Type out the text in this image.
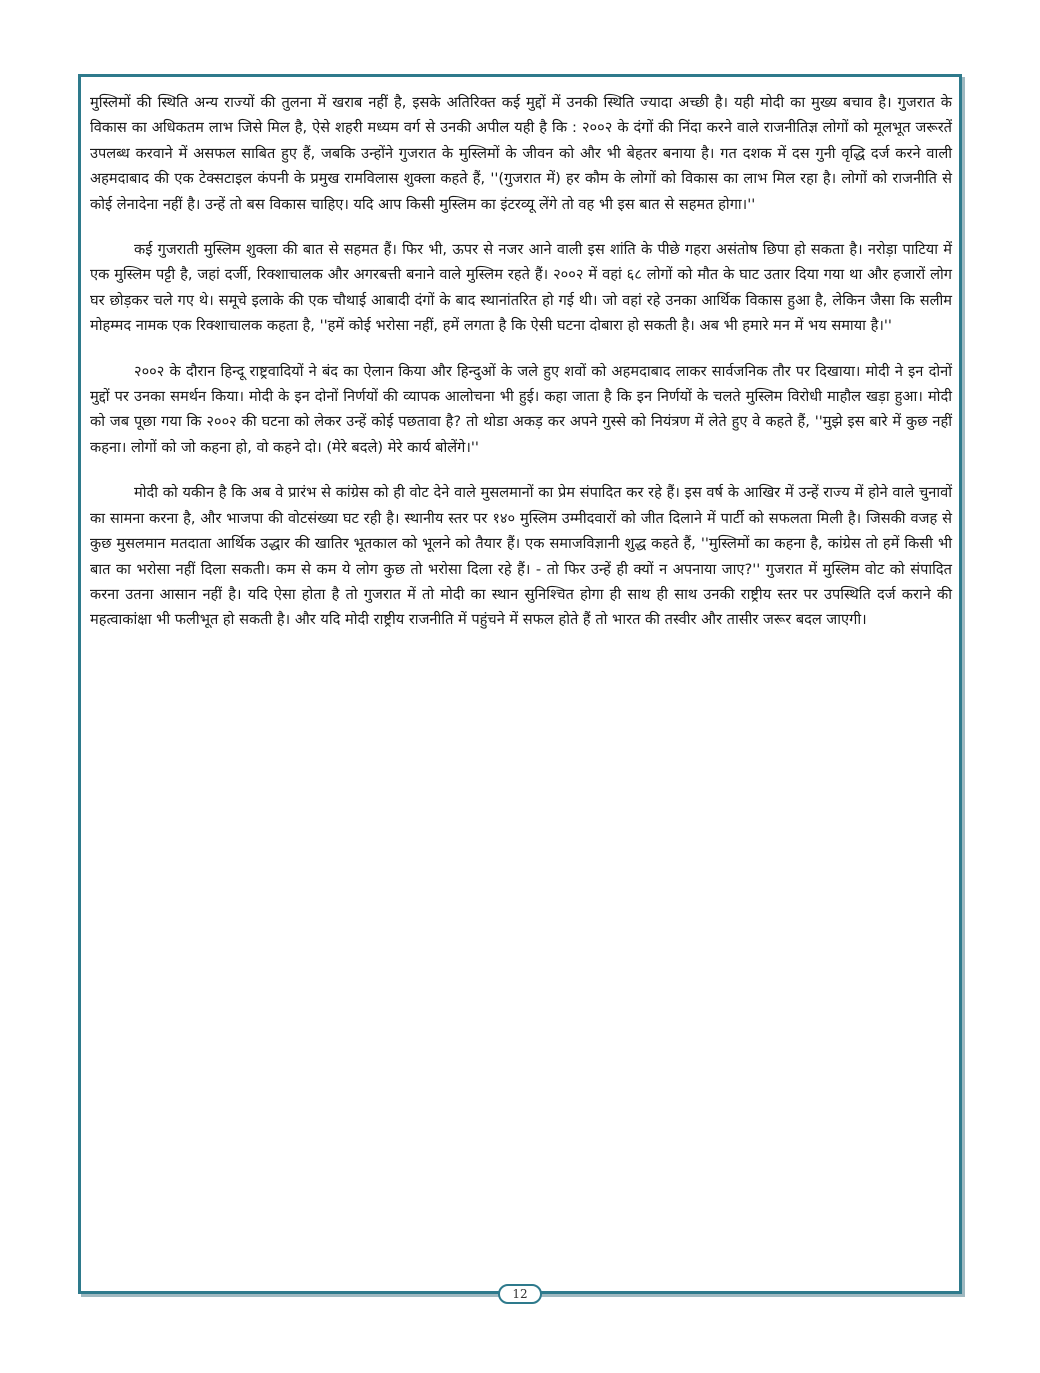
मुस्लिमों की स्थिति अन्य राज्यों की तुलना में खराब नहीं है, इसके अतिरिक्त कई मुद्दों में उनकी स्थिति ज्यादा अच्छी है। यही मोदी का मुख्य बचाव है। गुजरात के विकास का अधिकतम लाभ जिसे मिल है, ऐसे शहरी मध्यम वर्ग से उनकी अपील यही है कि : २००२ के दंगों की निंदा करने वाले राजनीतिज्ञ लोगों को मूलभूत जरूरतें उपलब्ध करवाने में असफल साबित हुए हैं, जबकि उन्होंने गुजरात के मुस्लिमों के जीवन को और भी बेहतर बनाया है। गत दशक में दस गुनी वृद्धि दर्ज करने वाली अहमदाबाद की एक टेक्सटाइल कंपनी के प्रमुख रामविलास शुक्ला कहते हैं, ''(गुजरात में) हर कौम के लोगों को विकास का लाभ मिल रहा है। लोगों को राजनीति से कोई लेनादेना नहीं है। उन्हें तो बस विकास चाहिए। यदि आप किसी मुस्लिम का इंटरव्यू लेंगे तो वह भी इस बात से सहमत होगा।''

कई गुजराती मुस्लिम शुक्ला की बात से सहमत हैं। फिर भी, ऊपर से नजर आने वाली इस शांति के पीछे गहरा असंतोष छिपा हो सकता है। नरोड़ा पाटिया में एक मुस्लिम पट्टी है, जहां दर्जी, रिक्शाचालक और अगरबत्ती बनाने वाले मुस्लिम रहते हैं। २००२ में वहां ६८ लोगों को मौत के घाट उतार दिया गया था और हजारों लोग घर छोड़कर चले गए थे। समूचे इलाके की एक चौथाई आबादी दंगों के बाद स्थानांतरित हो गई थी। जो वहां रहे उनका आर्थिक विकास हुआ है, लेकिन जैसा कि सलीम मोहम्मद नामक एक रिक्शाचालक कहता है, ''हमें कोई भरोसा नहीं, हमें लगता है कि ऐसी घटना दोबारा हो सकती है। अब भी हमारे मन में भय समाया है।''

२००२ के दौरान हिन्दू राष्ट्रवादियों ने बंद का ऐलान किया और हिन्दुओं के जले हुए शवों को अहमदाबाद लाकर सार्वजनिक तौर पर दिखाया। मोदी ने इन दोनों मुद्दों पर उनका समर्थन किया। मोदी के इन दोनों निर्णयों की व्यापक आलोचना भी हुई। कहा जाता है कि इन निर्णयों के चलते मुस्लिम विरोधी माहौल खड़ा हुआ। मोदी को जब पूछा गया कि २००२ की घटना को लेकर उन्हें कोई पछतावा है? तो थोडा अकड़ कर अपने गुस्से को नियंत्रण में लेते हुए वे कहते हैं, ''मुझे इस बारे में कुछ नहीं कहना। लोगों को जो कहना हो, वो कहने दो। (मेरे बदले) मेरे कार्य बोलेंगे।''

मोदी को यकीन है कि अब वे प्रारंभ से कांग्रेस को ही वोट देने वाले मुसलमानों का प्रेम संपादित कर रहे हैं। इस वर्ष के आखिर में उन्हें राज्य में होने वाले चुनावों का सामना करना है, और भाजपा की वोटसंख्या घट रही है। स्थानीय स्तर पर १४० मुस्लिम उम्मीदवारों को जीत दिलाने में पार्टी को सफलता मिली है। जिसकी वजह से कुछ मुसलमान मतदाता आर्थिक उद्धार की खातिर भूतकाल को भूलने को तैयार हैं। एक समाजविज्ञानी शुद्ध कहते हैं, ''मुस्लिमों का कहना है, कांग्रेस तो हमें किसी भी बात का भरोसा नहीं दिला सकती। कम से कम ये लोग कुछ तो भरोसा दिला रहे हैं। - तो फिर उन्हें ही क्यों न अपनाया जाए?'' गुजरात में मुस्लिम वोट को संपादित करना उतना आसान नहीं है। यदि ऐसा होता है तो गुजरात में तो मोदी का स्थान सुनिश्चित होगा ही साथ ही साथ उनकी राष्ट्रीय स्तर पर उपस्थिति दर्ज कराने की महत्वाकांक्षा भी फलीभूत हो सकती है। और यदि मोदी राष्ट्रीय राजनीति में पहुंचने में सफल होते हैं तो भारत की तस्वीर और तासीर जरूर बदल जाएगी।

12
